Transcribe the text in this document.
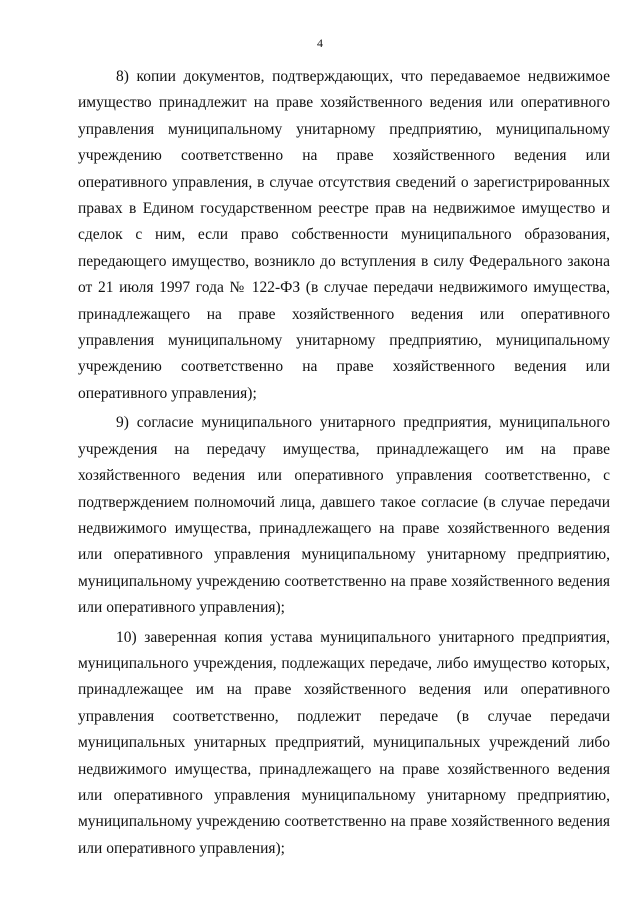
4

8) копии документов, подтверждающих, что передаваемое недвижимое имущество принадлежит на праве хозяйственного ведения или оперативного управления муниципальному унитарному предприятию, муниципальному учреждению соответственно на праве хозяйственного ведения или оперативного управления, в случае отсутствия сведений о зарегистрированных правах в Едином государственном реестре прав на недвижимое имущество и сделок с ним, если право собственности муниципального образования, передающего имущество, возникло до вступления в силу Федерального закона от 21 июля 1997 года № 122-ФЗ (в случае передачи недвижимого имущества, принадлежащего на праве хозяйственного ведения или оперативного управления муниципальному унитарному предприятию, муниципальному учреждению соответственно на праве хозяйственного ведения или оперативного управления);

9) согласие муниципального унитарного предприятия, муниципального учреждения на передачу имущества, принадлежащего им на праве хозяйственного ведения или оперативного управления соответственно, с подтверждением полномочий лица, давшего такое согласие (в случае передачи недвижимого имущества, принадлежащего на праве хозяйственного ведения или оперативного управления муниципальному унитарному предприятию, муниципальному учреждению соответственно на праве хозяйственного ведения или оперативного управления);

10) заверенная копия устава муниципального унитарного предприятия, муниципального учреждения, подлежащих передаче, либо имущество которых, принадлежащее им на праве хозяйственного ведения или оперативного управления соответственно, подлежит передаче (в случае передачи муниципальных унитарных предприятий, муниципальных учреждений либо недвижимого имущества, принадлежащего на праве хозяйственного ведения или оперативного управления муниципальному унитарному предприятию, муниципальному учреждению соответственно на праве хозяйственного ведения или оперативного управления);
